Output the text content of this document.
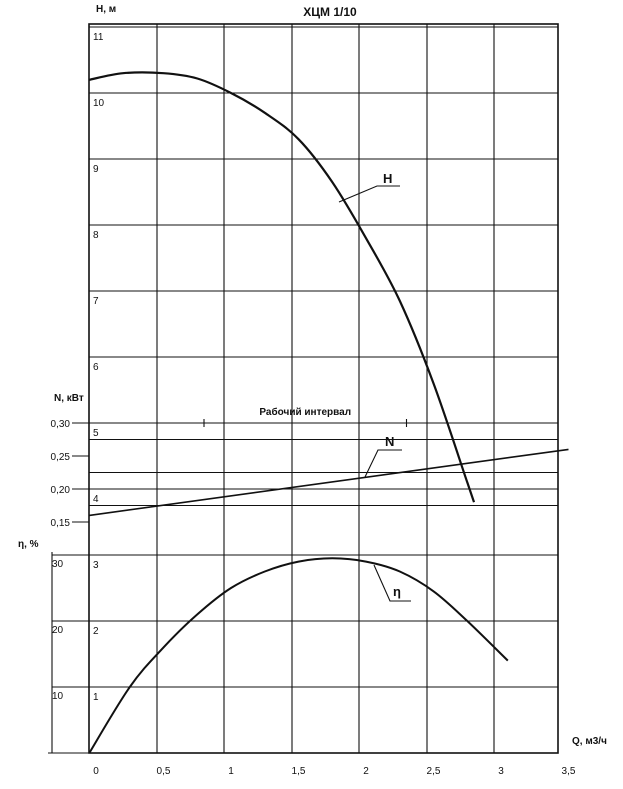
ХЦМ 1/10
H, м
N, кВт
η, %
Q, м3/ч
1
2
3
4
5
6
7
8
9
10
11
0,15
0,20
0,25
0,30
10
20
30
0	0,5	1	1,5	2	2,5	3	3,5
Рабочий интервал
H
N
η
